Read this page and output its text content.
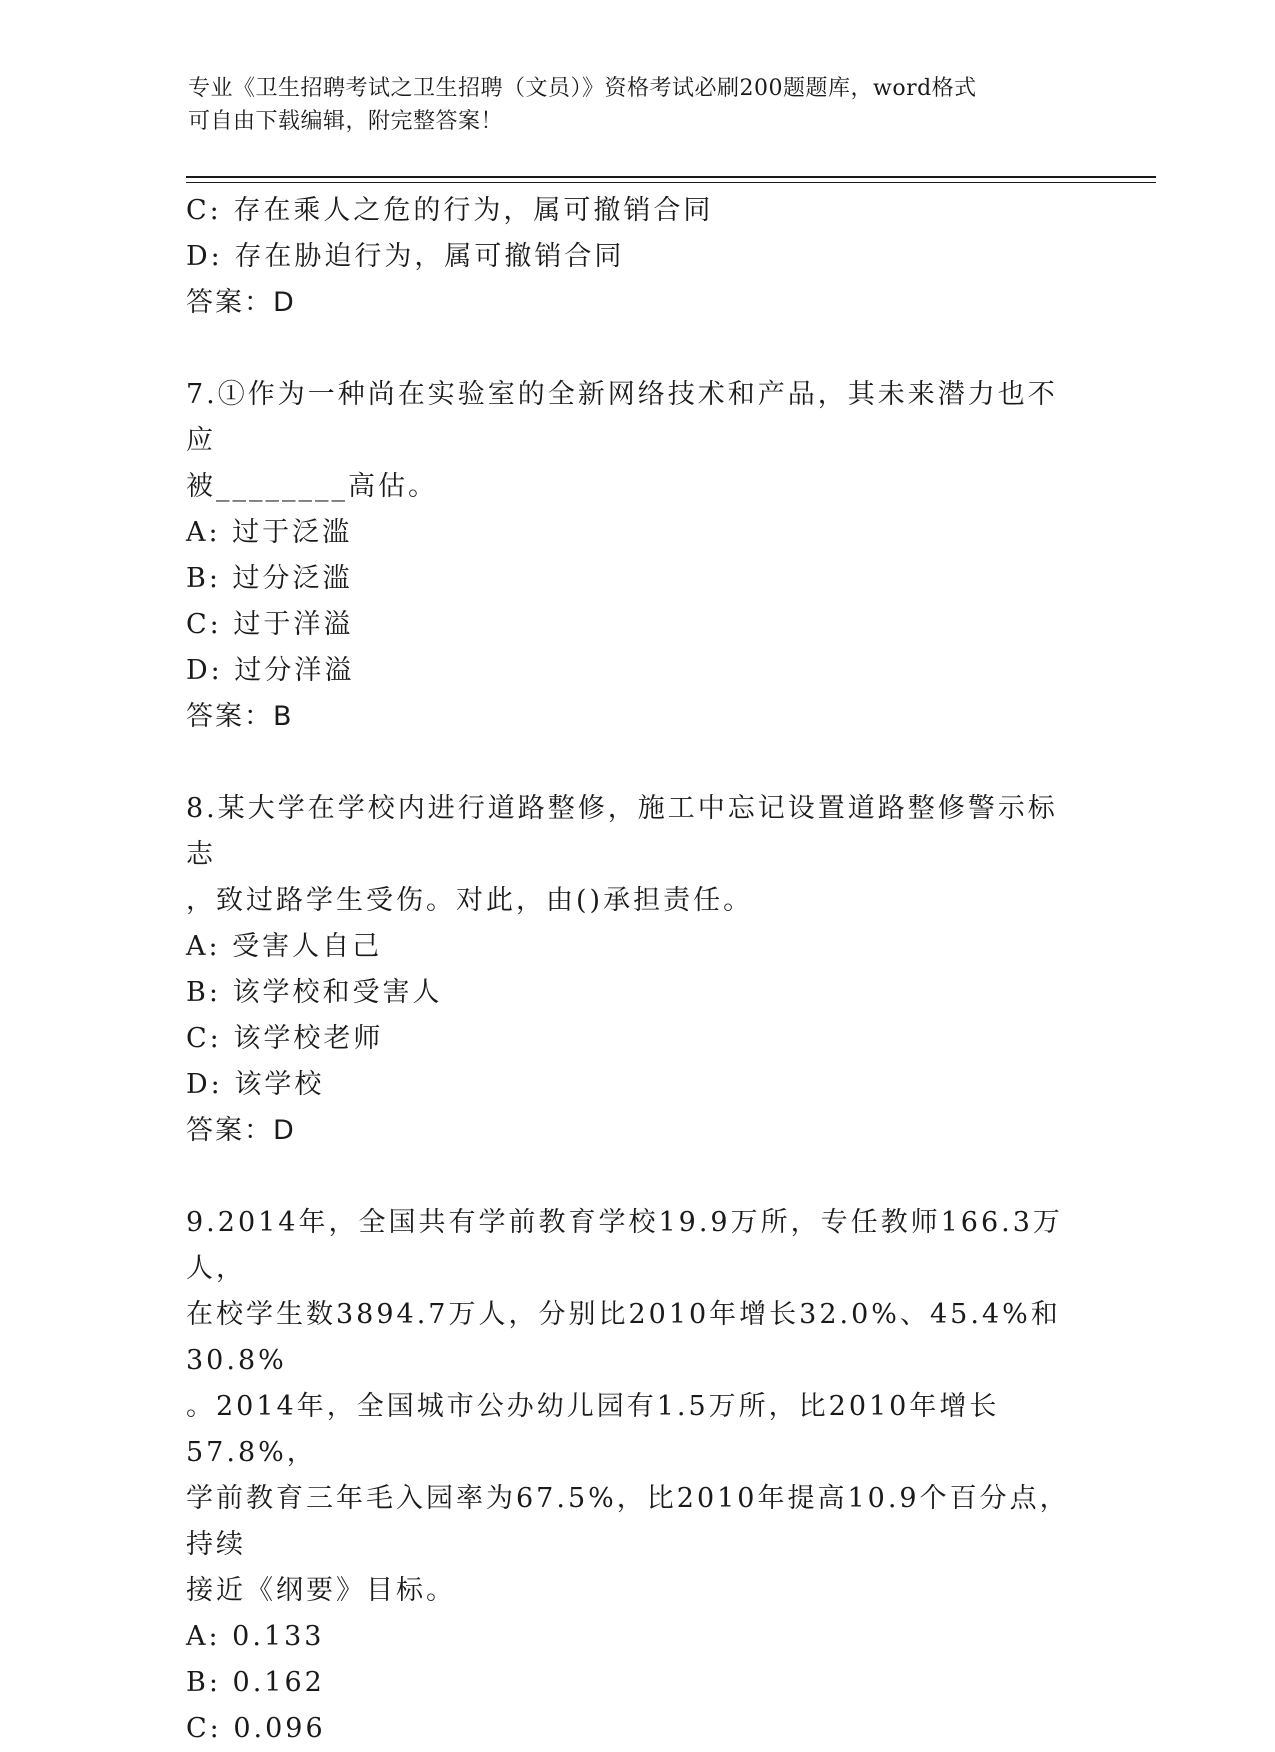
专业《卫生招聘考试之卫生招聘（文员）》资格考试必刷200题题库，word格式
可自由下载编辑，附完整答案！
C: 存在乘人之危的行为，属可撤销合同
D: 存在胁迫行为，属可撤销合同
答案：D
7.①作为一种尚在实验室的全新网络技术和产品，其未来潜力也不应
被________高估。
A: 过于泛滥
B: 过分泛滥
C: 过于洋溢
D: 过分洋溢
答案：B
8.某大学在学校内进行道路整修，施工中忘记设置道路整修警示标志
，致过路学生受伤。对此，由()承担责任。
A: 受害人自己
B: 该学校和受害人
C: 该学校老师
D: 该学校
答案：D
9.2014年，全国共有学前教育学校19.9万所，专任教师166.3万人，
在校学生数3894.7万人，分别比2010年增长32.0%、45.4%和30.8%
。2014年，全国城市公办幼儿园有1.5万所，比2010年增长57.8%，
学前教育三年毛入园率为67.5%，比2010年提高10.9个百分点，持续
接近《纲要》目标。
A: 0.133
B: 0.162
C: 0.096
